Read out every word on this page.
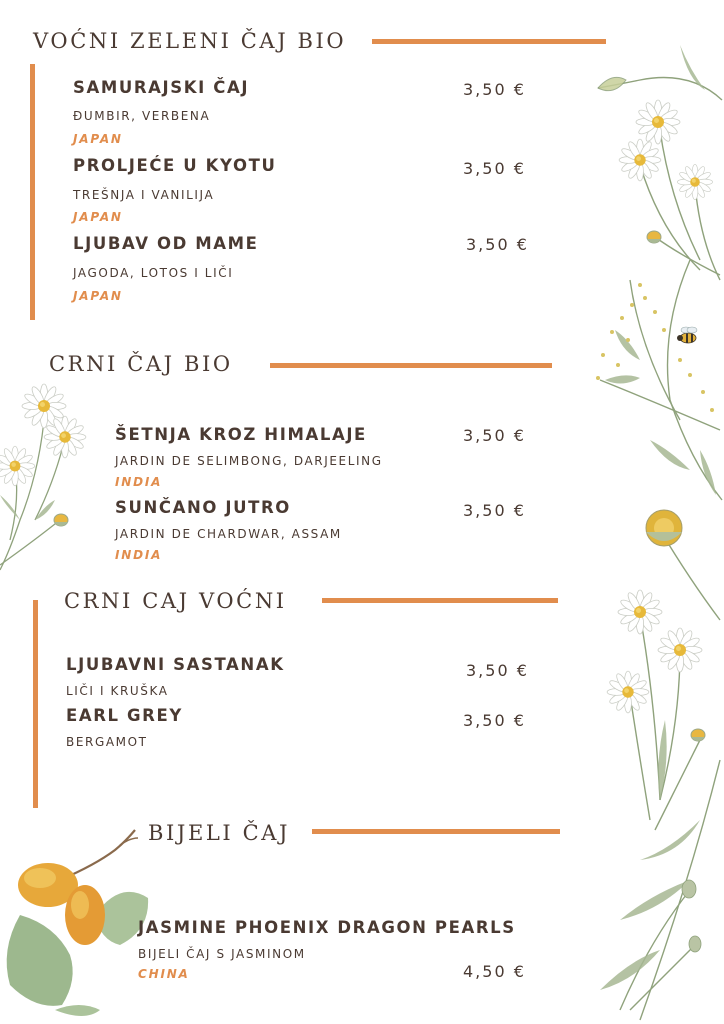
VOĆNI ZELENI ČAJ BIO
SAMURAJSKI ČAJ	3,50 €
ĐUMBIR, VERBENA
JAPAN
PROLJEĆE U KYOTU	3,50 €
TREŠNJA I VANILIJA
JAPAN
LJUBAV OD MAME	3,50 €
JAGODA, LOTOS I LIČI
JAPAN
CRNI ČAJ BIO
ŠETNJA KROZ HIMALAJE	3,50 €
JARDIN DE SELIMBONG, DARJEELING
INDIA
SUNČANO JUTRO	3,50 €
JARDIN DE CHARDWAR, ASSAM
INDIA
CRNI CAJ VOĆNI
LJUBAVNI SASTANAK	3,50 €
LIČI I KRUŠKA
EARL GREY	3,50 €
BERGAMOT
BIJELI ČAJ
JASMINE PHOENIX DRAGON PEARLS
BIJELI ČAJ S JASMINOM
CHINA	4,50 €
